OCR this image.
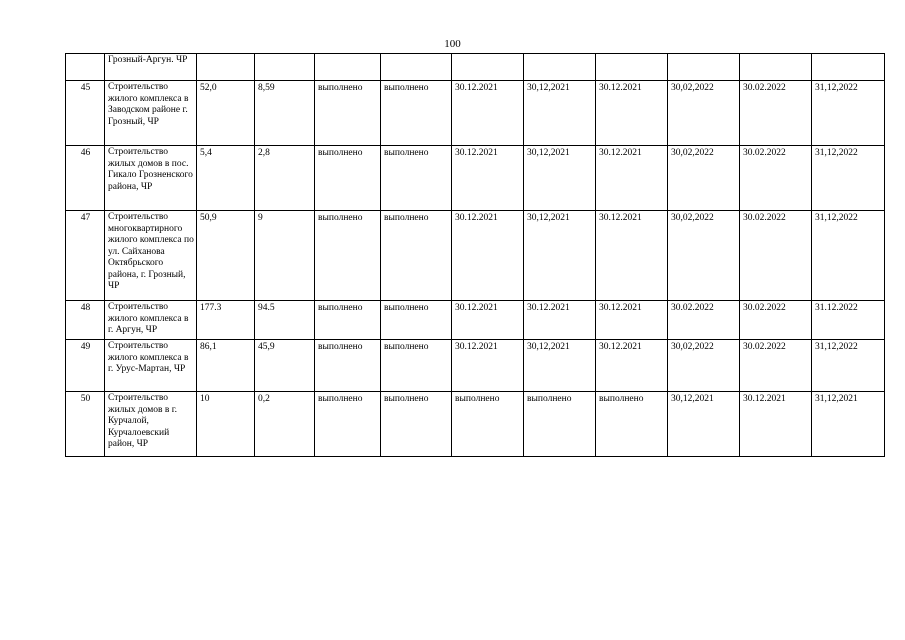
100
	Грозный-Аргун. ЧР										
45	Строительство жилого комплекса в Заводском районе г. Грозный, ЧР	52,0	8,59	выполнено	выполнено	30.12.2021	30,12,2021	30.12.2021	30,02,2022	30.02.2022	31,12,2022
46	Строительство жилых домов в пос. Гикало Грозненского района, ЧР	5,4	2,8	выполнено	выполнено	30.12.2021	30,12,2021	30.12.2021	30,02,2022	30.02.2022	31,12,2022
47	Строительство многоквартирного жилого комплекса по ул. Сайханова Октябрьского района, г. Грозный, ЧР	50,9	9	выполнено	выполнено	30.12.2021	30,12,2021	30.12.2021	30,02,2022	30.02.2022	31,12,2022
48	Строительство жилого комплекса в г. Аргун, ЧР	177.3	94.5	выполнено	выполнено	30.12.2021	30.12.2021	30.12.2021	30.02.2022	30.02.2022	31.12.2022
49	Строительство жилого комплекса в г. Урус-Мартан, ЧР	86,1	45,9	выполнено	выполнено	30.12.2021	30,12,2021	30.12.2021	30,02,2022	30.02.2022	31,12,2022
50	Строительство жилых домов в г. Курчалой, Курчалоевский район, ЧР	10	0,2	выполнено	выполнено	выполнено	выполнено	выполнено	30,12,2021	30.12.2021	31,12,2021
